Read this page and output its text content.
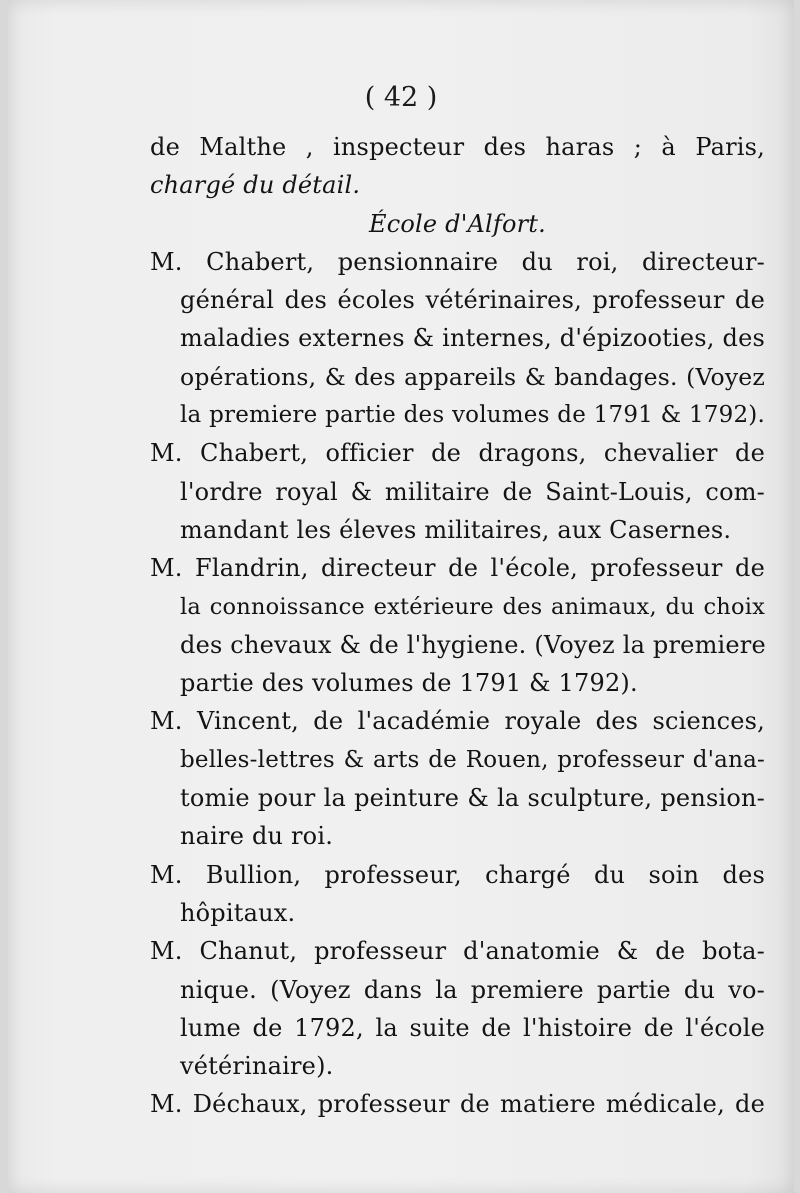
( 42 )
de Malthe , inspecteur des haras ; à Paris,
chargé du détail.
École d'Alfort.
M. Chabert, pensionnaire du roi, directeur-
général des écoles vétérinaires, professeur de
maladies externes & internes, d'épizooties, des
opérations, & des appareils & bandages. (Voyez
la premiere partie des volumes de 1791 & 1792).
M. Chabert, officier de dragons, chevalier de
l'ordre royal & militaire de Saint-Louis, com-
mandant les éleves militaires, aux Casernes.
M. Flandrin, directeur de l'école, professeur de
la connoissance extérieure des animaux, du choix
des chevaux & de l'hygiene. (Voyez la premiere
partie des volumes de 1791 & 1792).
M. Vincent, de l'académie royale des sciences,
belles-lettres & arts de Rouen, professeur d'ana-
tomie pour la peinture & la sculpture, pension-
naire du roi.
M. Bullion, professeur, chargé du soin des
hôpitaux.
M. Chanut, professeur d'anatomie & de bota-
nique. (Voyez dans la premiere partie du vo-
lume de 1792, la suite de l'histoire de l'école
vétérinaire).
M. Déchaux, professeur de matiere médicale, de
